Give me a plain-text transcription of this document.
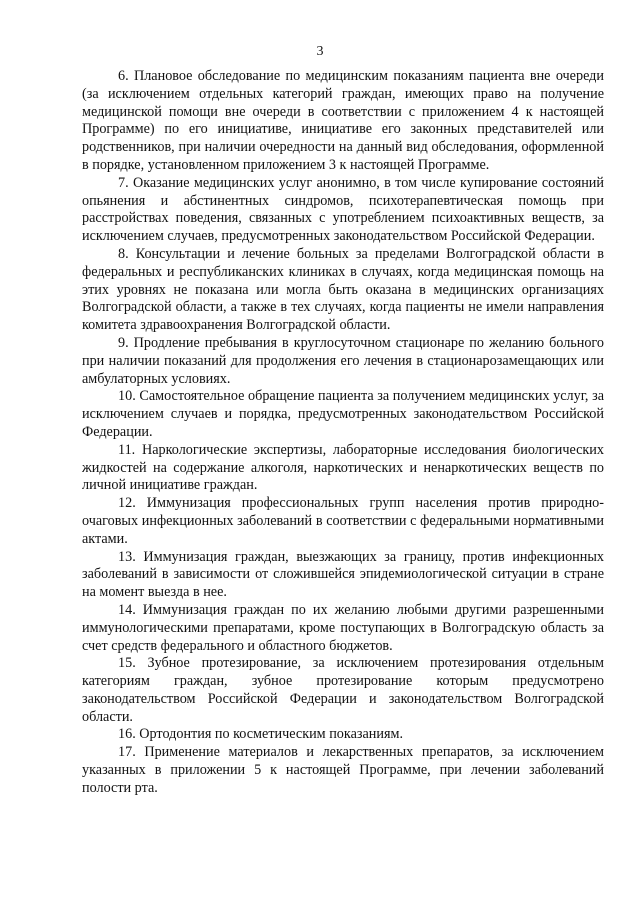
3

6. Плановое обследование по медицинским показаниям пациента вне очереди (за исключением отдельных категорий граждан, имеющих право на получение медицинской помощи вне очереди в соответствии с приложением 4 к настоящей Программе) по его инициативе, инициативе его законных представителей или родственников, при наличии очередности на данный вид обследования, оформленной в порядке, установленном приложением 3 к настоящей Программе.

7. Оказание медицинских услуг анонимно, в том числе купирование состояний опьянения и абстинентных синдромов, психотерапевтическая помощь при расстройствах поведения, связанных с употреблением психоактивных веществ, за исключением случаев, предусмотренных законодательством Российской Федерации.

8. Консультации и лечение больных за пределами Волгоградской области в федеральных и республиканских клиниках в случаях, когда медицинская помощь на этих уровнях не показана или могла быть оказана в медицинских организациях Волгоградской области, а также в тех случаях, когда пациенты не имели направления комитета здравоохранения Волгоградской области.

9. Продление пребывания в круглосуточном стационаре по желанию больного при наличии показаний для продолжения его лечения в стационарозамещающих или амбулаторных условиях.

10. Самостоятельное обращение пациента за получением медицинских услуг, за исключением случаев и порядка, предусмотренных законодательством Российской Федерации.

11. Наркологические экспертизы, лабораторные исследования биологических жидкостей на содержание алкоголя, наркотических и ненаркотических веществ по личной инициативе граждан.

12. Иммунизация профессиональных групп населения против природно-очаговых инфекционных заболеваний в соответствии с федеральными нормативными актами.

13. Иммунизация граждан, выезжающих за границу, против инфекционных заболеваний в зависимости от сложившейся эпидемиологической ситуации в стране на момент выезда в нее.

14. Иммунизация граждан по их желанию любыми другими разрешенными иммунологическими препаратами, кроме поступающих в Волгоградскую область за счет средств федерального и областного бюджетов.

15. Зубное протезирование, за исключением протезирования отдельным категориям граждан, зубное протезирование которым предусмотрено законодательством Российской Федерации и законодательством Волгоградской области.

16. Ортодонтия по косметическим показаниям.

17. Применение материалов и лекарственных препаратов, за исключением указанных в приложении 5 к настоящей Программе, при лечении заболеваний полости рта.
